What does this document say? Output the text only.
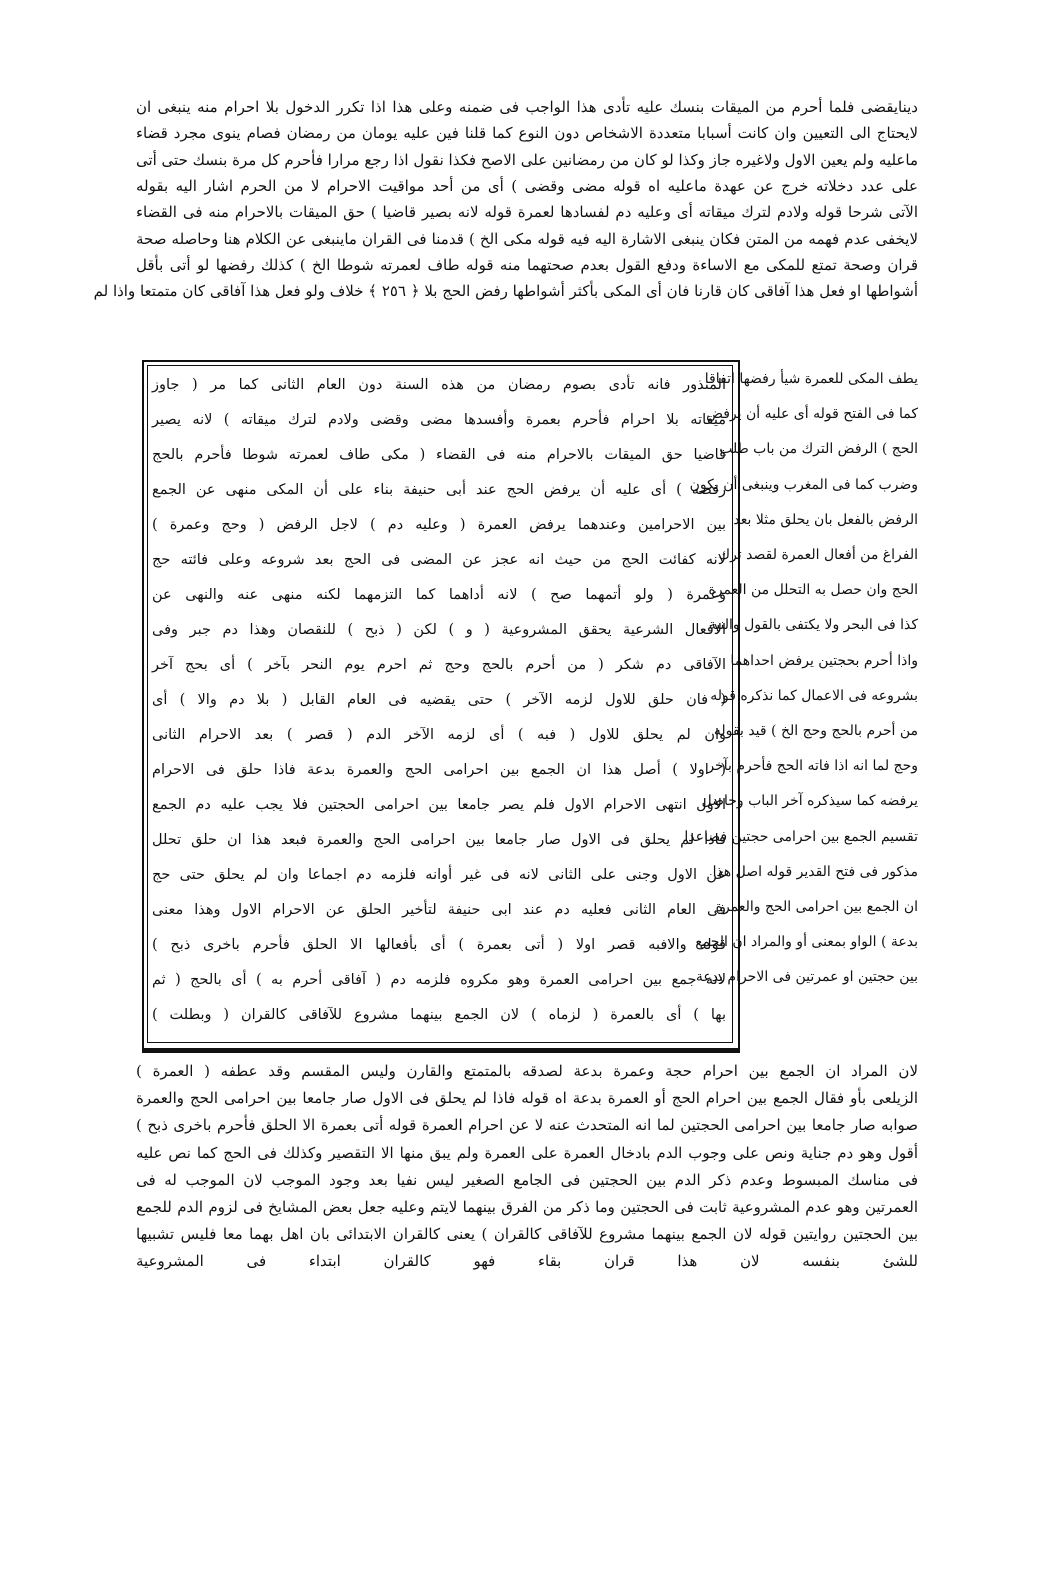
دينايقضى فلما أحرم من الميقات بنسك عليه تأدى هذا الواجب فى ضمنه وعلى هذا اذا تكرر الدخول بلا احرام منه ينبغى ان
لايحتاج الى التعيين وان كانت أسبابا متعددة الاشخاص دون النوع كما قلنا فين عليه يومان من رمضان فصام ينوى مجرد قضاء
ماعليه ولم يعين الاول ولاغيره جاز وكذا لو كان من رمضانين على الاصح فكذا نقول اذا رجع مرارا فأحرم كل مرة بنسك حتى أتى
على عدد دخلاته خرج عن عهدة ماعليه اه قوله مضى وقضى ) أى من أحد مواقيت الاحرام لا من الحرم اشار اليه بقوله
الآتى شرحا قوله ولادم لترك ميقاته أى وعليه دم لفسادها لعمرة قوله لانه بصير قاضيا ) حق الميقات بالاحرام منه فى القضاء
لايخفى عدم فهمه من المتن فكان ينبغى الاشارة اليه فيه قوله مكى الخ ) قدمنا فى القران ماينبغى عن الكلام هنا وحاصله صحة
قران وصحة تمتع للمكى مع الاساءة ودفع القول بعدم صحتهما منه قوله طاف لعمرته شوطا الخ ) كذلك رفضها لو أتى بأقل
أشواطها او فعل هذا آفاقى كان قارنا فان أى المكى بأكثر أشواطها رفض الحج بلا ﴿ ٢٥٦ ﴾ خلاف ولو فعل هذا آفاقى كان متمتعا واذا لم
يطف المكى للعمرة شيأ رفضها اتفاقا
كما فى الفتح قوله أى عليه أن يرفض
الحج ) الرفض الترك من باب طلب
وضرب كما فى المغرب وينبغى أن يكون
الرفض بالفعل بان يحلق مثلا بعد
الفراغ من أفعال العمرة لقصد ترك
الحج وان حصل به التحلل من العمرة
كذا فى البحر ولا يكتفى بالقول والنية
واذا أحرم بحجتين يرفض احداهما
بشروعه فى الاعمال كما نذكره قوله
من أحرم بالحج وحج الخ ) قيد بقوله
وحج لما انه اذا فاته الحج فأحرم بآخر
يرفضه كما سيذكره آخر الباب وحاصل
تقسيم الجمع بين احرامى حجتين فصاعدا
مذكور فى فتح القدير قوله اصل هذا
ان الجمع بين احرامى الحج والعمرة
بدعة ) الواو بمعنى أو والمراد ان الجمع
بين حجتين او عمرتين فى الاحرام بدعة
المنذور فانه تأدى بصوم رمضان من هذه السنة دون العام الثانى كما مر ( جاوز
ميقاته بلا احرام فأحرم بعمرة وأفسدها مضى وقضى ولادم لترك ميقاته ) لانه يصير
قاضيا حق الميقات بالاحرام منه فى القضاء ( مكى طاف لعمرته شوطا فأحرم بالحج
رفضه ) أى عليه أن يرفض الحج عند أبى حنيفة بناء على أن المكى منهى عن الجمع
بين الاحرامين وعندهما يرفض العمرة ( وعليه دم ) لاجل الرفض ( وحج وعمرة )
لانه كفائت الحج من حيث انه عجز عن المضى فى الحج بعد شروعه وعلى فائته حج
وعمرة ( ولو أتمهما صح ) لانه أداهما كما التزمهما لكنه منهى عنه والنهى عن
الافعال الشرعية يحقق المشروعية ( و ) لكن ( ذبح ) للنقصان وهذا دم جبر وفى
الآفاقى دم شكر ( من أحرم بالحج وحج ثم احرم يوم النحر بآخر ) أى بحج آخر
( فان حلق للاول لزمه الآخر ) حتى يقضيه فى العام القابل ( بلا دم والا ) أى
وان لم يحلق للاول ( فبه ) أى لزمه الآخر الدم ( قصر ) بعد الاحرام الثانى
( اولا ) أصل هذا ان الجمع بين احرامى الحج والعمرة بدعة فاذا حلق فى الاحرام
الاول انتهى الاحرام الاول فلم يصر جامعا بين احرامى الحجتين فلا يجب عليه دم الجمع
فاذا لم يحلق فى الاول صار جامعا بين احرامى الحج والعمرة فبعد هذا ان حلق تحلل
عن الاول وجنى على الثانى لانه فى غير أوانه فلزمه دم اجماعا وان لم يحلق حتى حج
فى العام الثانى فعليه دم عند ابى حنيفة لتأخير الحلق عن الاحرام الاول وهذا معنى
قوله والافبه قصر اولا ( أتى بعمرة ) أى بأفعالها الا الحلق فأحرم باخرى ذبح )
لانه جمع بين احرامى العمرة وهو مكروه فلزمه دم ( آفاقى أحرم به ) أى بالحج ( ثم
بها ) أى بالعمرة ( لزماه ) لان الجمع بينهما مشروع للآفاقى كالقران ( وبطلت )
لان المراد ان الجمع بين احرام حجة وعمرة بدعة لصدقه بالمتمتع والقارن وليس المقسم وقد عطفه ( العمرة )
الزيلعى بأو فقال الجمع بين احرام الحج أو العمرة بدعة اه قوله فاذا لم يحلق فى الاول صار جامعا بين احرامى الحج والعمرة
صوابه صار جامعا بين احرامى الحجتين لما انه المتحدث عنه لا عن احرام العمرة قوله أتى بعمرة الا الحلق فأحرم باخرى ذبح )
أقول وهو دم جناية ونص على وجوب الدم بادخال العمرة على العمرة ولم يبق منها الا التقصير وكذلك فى الحج كما نص عليه
فى مناسك المبسوط وعدم ذكر الدم بين الحجتين فى الجامع الصغير ليس نفيا بعد وجود الموجب لان الموجب له فى
العمرتين وهو عدم المشروعية ثابت فى الحجتين وما ذكر من الفرق بينهما لايتم وعليه جعل بعض المشايخ فى لزوم الدم للجمع
بين الحجتين روايتين قوله لان الجمع بينهما مشروع للآفاقى كالقران ) يعنى كالقران الابتدائى بان اهل بهما معا فليس تشبيها
للشئ بنفسه لان هذا قران بقاء فهو كالقران ابتداء فى المشروعية
